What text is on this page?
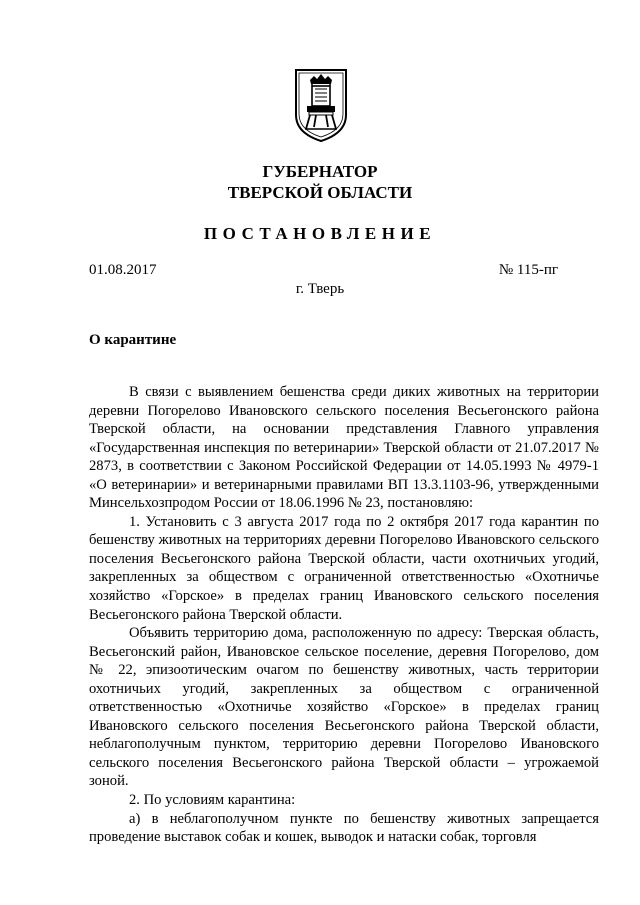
ГУБЕРНАТОР
ТВЕРСКОЙ ОБЛАСТИ
ПОСТАНОВЛЕНИЕ
01.08.2017	№ 115-пг
г. Тверь
О карантине

В связи с выявлением бешенства среди диких животных на территории деревни Погорелово Ивановского сельского поселения Весьегонского района Тверской области, на основании представления Главного управления «Государственная инспекция по ветеринарии» Тверской области от 21.07.2017 № 2873, в соответствии с Законом Российской Федерации от 14.05.1993 № 4979-1 «О ветеринарии» и ветеринарными правилами ВП 13.3.1103-96, утвержденными Минсельхозпродом России от 18.06.1996 № 23, постановляю:

1. Установить с 3 августа 2017 года по 2 октября 2017 года карантин по бешенству животных на территориях деревни Погорелово Ивановского сельского поселения Весьегонского района Тверской области, части охотничьих угодий, закрепленных за обществом с ограниченной ответственностью «Охотничье хозяйство «Горское» в пределах границ Ивановского сельского поселения Весьегонского района Тверской области.

Объявить территорию дома, расположенную по адресу: Тверская область, Весьегонский район, Ивановское сельское поселение, деревня Погорелово, дом № 22, эпизоотическим очагом по бешенству животных, часть территории охотничьих угодий, закрепленных за обществом с ограниченной ответственностью «Охотничье хозяйство «Горское» в пределах границ Ивановского сельского поселения Весьегонского района Тверской области, неблагополучным пунктом, территорию деревни Погорелово Ивановского сельского поселения Весьегонского района Тверской области – угрожаемой зоной.

2. По условиям карантина:

а) в неблагополучном пункте по бешенству животных запрещается проведение выставок собак и кошек, выводок и натаски собак, торговля
